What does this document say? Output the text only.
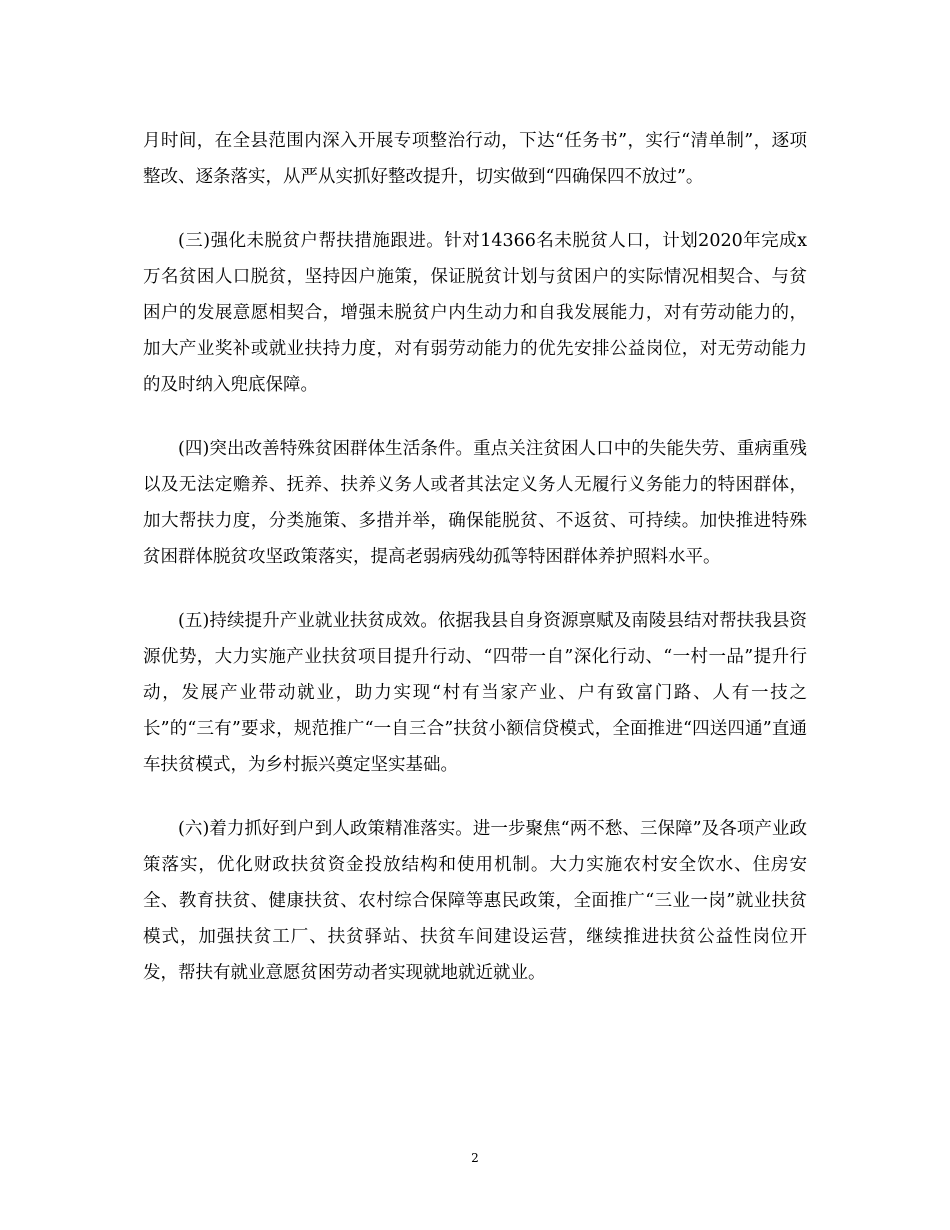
月时间，在全县范围内深入开展专项整治行动，下达“任务书”，实行“清单制”，逐项整改、逐条落实，从严从实抓好整改提升，切实做到“四确保四不放过”。

(三)强化未脱贫户帮扶措施跟进。针对14366名未脱贫人口，计划2020年完成x万名贫困人口脱贫，坚持因户施策，保证脱贫计划与贫困户的实际情况相契合、与贫困户的发展意愿相契合，增强未脱贫户内生动力和自我发展能力，对有劳动能力的，加大产业奖补或就业扶持力度，对有弱劳动能力的优先安排公益岗位，对无劳动能力的及时纳入兜底保障。

(四)突出改善特殊贫困群体生活条件。重点关注贫困人口中的失能失劳、重病重残以及无法定赡养、抚养、扶养义务人或者其法定义务人无履行义务能力的特困群体，加大帮扶力度，分类施策、多措并举，确保能脱贫、不返贫、可持续。加快推进特殊贫困群体脱贫攻坚政策落实，提高老弱病残幼孤等特困群体养护照料水平。

(五)持续提升产业就业扶贫成效。依据我县自身资源禀赋及南陵县结对帮扶我县资源优势，大力实施产业扶贫项目提升行动、“四带一自”深化行动、“一村一品”提升行动，发展产业带动就业，助力实现“村有当家产业、户有致富门路、人有一技之长”的“三有”要求，规范推广“一自三合”扶贫小额信贷模式，全面推进“四送四通”直通车扶贫模式，为乡村振兴奠定坚实基础。

(六)着力抓好到户到人政策精准落实。进一步聚焦“两不愁、三保障”及各项产业政策落实，优化财政扶贫资金投放结构和使用机制。大力实施农村安全饮水、住房安全、教育扶贫、健康扶贫、农村综合保障等惠民政策，全面推广“三业一岗”就业扶贫模式，加强扶贫工厂、扶贫驿站、扶贫车间建设运营，继续推进扶贫公益性岗位开发，帮扶有就业意愿贫困劳动者实现就地就近就业。

2
